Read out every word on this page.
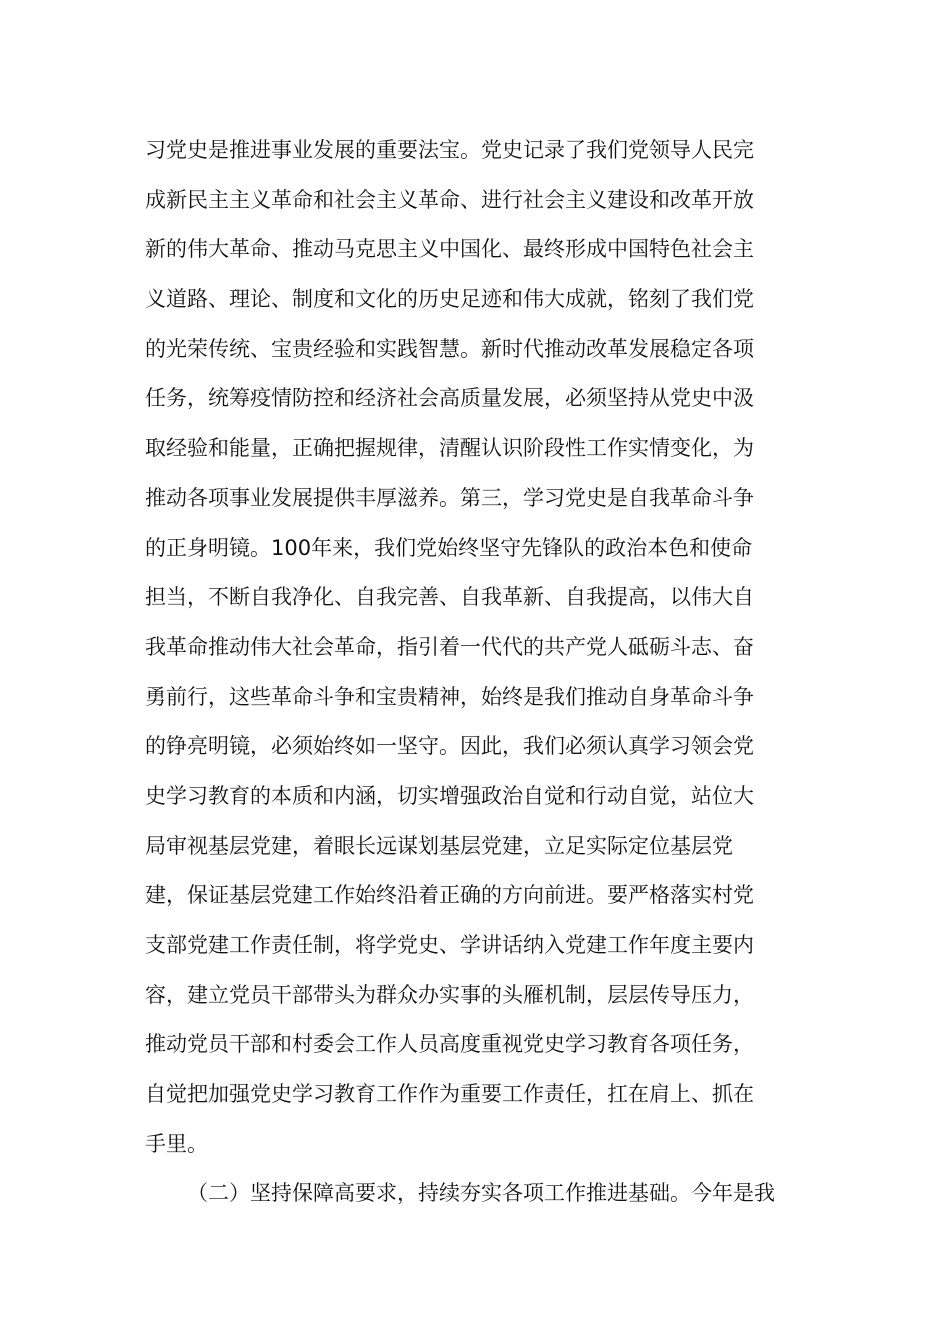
习党史是推进事业发展的重要法宝。党史记录了我们党领导人民完
成新民主主义革命和社会主义革命、进行社会主义建设和改革开放
新的伟大革命、推动马克思主义中国化、最终形成中国特色社会主
义道路、理论、制度和文化的历史足迹和伟大成就，铭刻了我们党
的光荣传统、宝贵经验和实践智慧。新时代推动改革发展稳定各项
任务，统筹疫情防控和经济社会高质量发展，必须坚持从党史中汲
取经验和能量，正确把握规律，清醒认识阶段性工作实情变化，为
推动各项事业发展提供丰厚滋养。第三，学习党史是自我革命斗争
的正身明镜。100年来，我们党始终坚守先锋队的政治本色和使命
担当，不断自我净化、自我完善、自我革新、自我提高，以伟大自
我革命推动伟大社会革命，指引着一代代的共产党人砥砺斗志、奋
勇前行，这些革命斗争和宝贵精神，始终是我们推动自身革命斗争
的铮亮明镜，必须始终如一坚守。因此，我们必须认真学习领会党
史学习教育的本质和内涵，切实增强政治自觉和行动自觉，站位大
局审视基层党建，着眼长远谋划基层党建，立足实际定位基层党
建，保证基层党建工作始终沿着正确的方向前进。要严格落实村党
支部党建工作责任制，将学党史、学讲话纳入党建工作年度主要内
容，建立党员干部带头为群众办实事的头雁机制，层层传导压力，
推动党员干部和村委会工作人员高度重视党史学习教育各项任务，
自觉把加强党史学习教育工作作为重要工作责任，扛在肩上、抓在
手里。
（二）坚持保障高要求，持续夯实各项工作推进基础。今年是我
